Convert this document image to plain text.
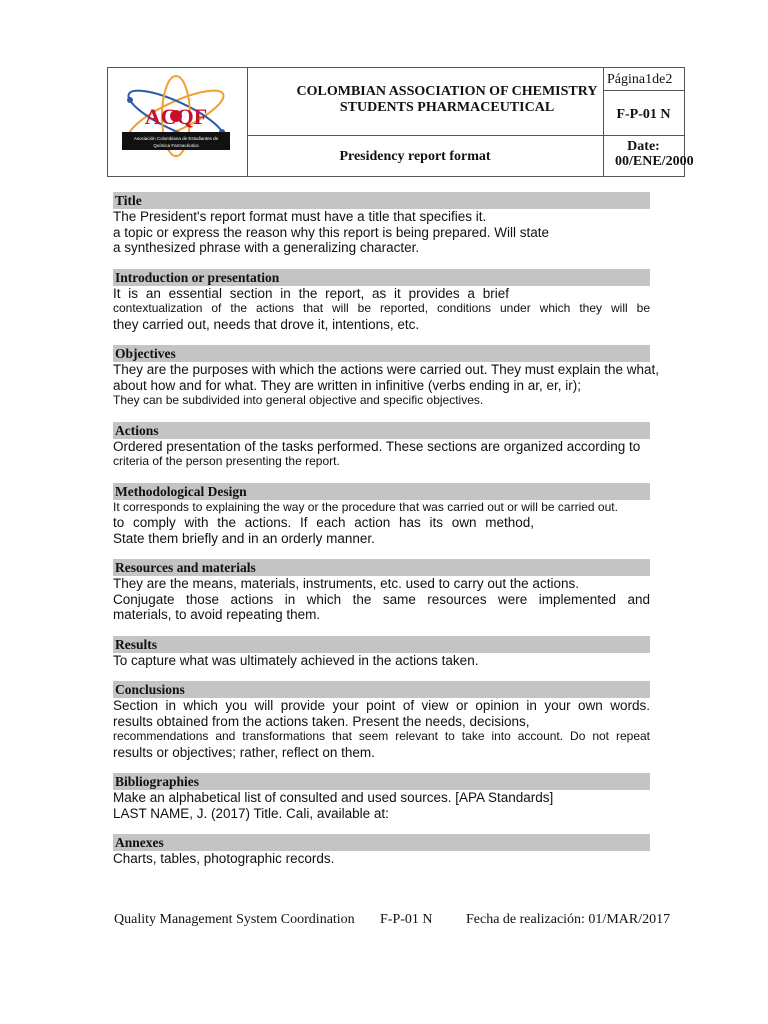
ACQF
Asociación Colombiana de Estudiantes de
Química Farmacéutica
COLOMBIAN ASSOCIATION OF CHEMISTRY STUDENTS PHARMACEUTICAL
Página1de2
F-P-01 N
Presidency report format
Date:
00/ENE/2000
Title

The President's report format must have a title that specifies it.

a topic or express the reason why this report is being prepared. Will state

a synthesized phrase with a generalizing character.

Introduction or presentation

It is an essential section in the report, as it provides a brief

contextualization of the actions that will be reported, conditions under which they will be

they carried out, needs that drove it, intentions, etc.

Objectives

They are the purposes with which the actions were carried out. They must explain the what,

about how and for what. They are written in infinitive (verbs ending in ar, er, ir);

They can be subdivided into general objective and specific objectives.

Actions

Ordered presentation of the tasks performed. These sections are organized according to

criteria of the person presenting the report.

Methodological Design

It corresponds to explaining the way or the procedure that was carried out or will be carried out.

to comply with the actions. If each action has its own method,

State them briefly and in an orderly manner.

Resources and materials

They are the means, materials, instruments, etc. used to carry out the actions.

Conjugate those actions in which the same resources were implemented and

materials, to avoid repeating them.

Results

To capture what was ultimately achieved in the actions taken.

Conclusions

Section in which you will provide your point of view or opinion in your own words.

results obtained from the actions taken. Present the needs, decisions,

recommendations and transformations that seem relevant to take into account. Do not repeat

results or objectives; rather, reflect on them.

Bibliographies

Make an alphabetical list of consulted and used sources. [APA Standards]

LAST NAME, J. (2017) Title. Cali, available at:

Annexes

Charts, tables, photographic records.

Quality Management System Coordination F-P-01 N Fecha de realización: 01/MAR/2017
